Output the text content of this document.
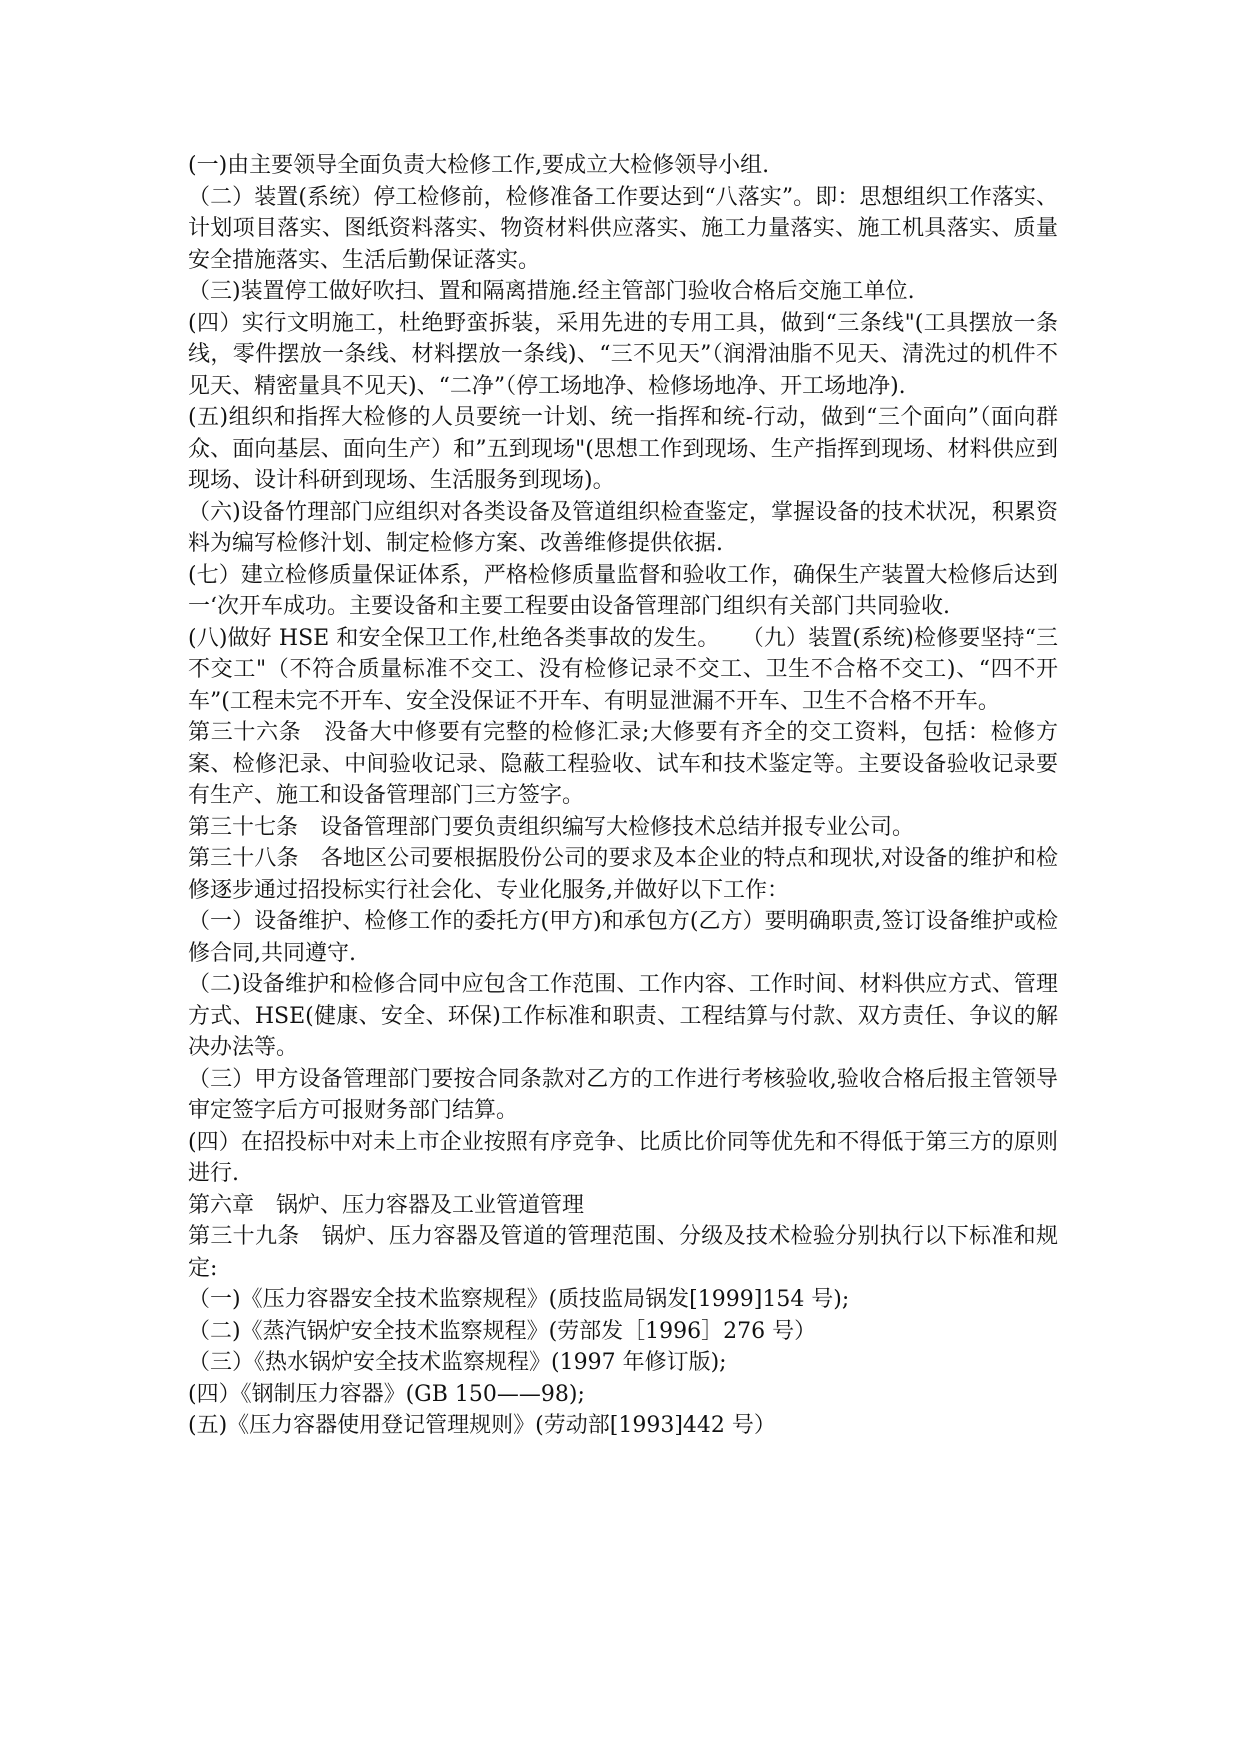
(一)由主要领导全面负责大检修工作,要成立大检修领导小组.

（二）装置(系统）停工检修前，检修准备工作要达到“八落实”。即：思想组织工作落实、计划项目落实、图纸资料落实、物资材料供应落实、施工力量落实、施工机具落实、质量安全措施落实、生活后勤保证落实。

（三)装置停工做好吹扫、置和隔离措施.经主管部门验收合格后交施工单位.

(四）实行文明施工，杜绝野蛮拆装，采用先进的专用工具，做到“三条线"(工具摆放一条线，零件摆放一条线、材料摆放一条线)、“三不见天”（润滑油脂不见天、清洗过的机件不见天、精密量具不见天)、“二净”（停工场地净、检修场地净、开工场地净).

(五)组织和指挥大检修的人员要统一计划、统一指挥和统-行动，做到“三个面向”（面向群众、面向基层、面向生产）和”五到现场"(思想工作到现场、生产指挥到现场、材料供应到现场、设计科研到现场、生活服务到现场)。

（六)设备竹理部门应组织对各类设备及管道组织检查鉴定，掌握设备的技术状况，积累资料为编写检修汁划、制定检修方案、改善维修提供依据.

(七）建立检修质量保证体系，严格检修质量监督和验收工作，确保生产装置大检修后达到一‘次开车成功。主要设备和主要工程要由设备管理部门组织有关部门共同验收.

(八)做好 HSE 和安全保卫工作,杜绝各类事故的发生。　　（九）装置(系统)检修要坚持“三不交工"（不符合质量标准不交工、没有检修记录不交工、卫生不合格不交工)、“四不开车”(工程未完不开车、安全没保证不开车、有明显泄漏不开车、卫生不合格不开车。

第三十六条　没备大中修要有完整的检修汇录;大修要有齐全的交工资料，包括：检修方案、检修汜录、中间验收记录、隐蔽工程验收、试车和技术鉴定等。主要设备验收记录要有生产、施工和设备管理部门三方签字。

第三十七条　设备管理部门要负责组织编写大检修技术总结并报专业公司。

第三十八条　各地区公司要根据股份公司的要求及本企业的特点和现状,对设备的维护和检修逐步通过招投标实行社会化、专业化服务,并做好以下工作：

（一）设备维护、检修工作的委托方(甲方)和承包方(乙方）要明确职责,签订设备维护或检修合同,共同遵守.

（二)设备维护和检修合同中应包含工作范围、工作内容、工作时间、材料供应方式、管理方式、HSE(健康、安全、环保)工作标准和职责、工程结算与付款、双方责任、争议的解决办法等。

（三）甲方设备管理部门要按合同条款对乙方的工作进行考核验收,验收合格后报主管领导审定签字后方可报财务部门结算。

(四）在招投标中对未上市企业按照有序竞争、比质比价同等优先和不得低于第三方的原则进行.

第六章　锅炉、压力容器及工业管道管理

第三十九条　锅炉、压力容器及管道的管理范围、分级及技术检验分别执行以下标准和规定:

（一)《压力容器安全技术监察规程》(质技监局锅发[1999]154 号);

（二)《蒸汽锅炉安全技术监察规程》(劳部发［1996］276 号）

（三）《热水锅炉安全技术监察规程》(1997 年修订版);

(四）《钢制压力容器》(GB 150——98);

(五)《压力容器使用登记管理规则》(劳动部[1993]442 号）
